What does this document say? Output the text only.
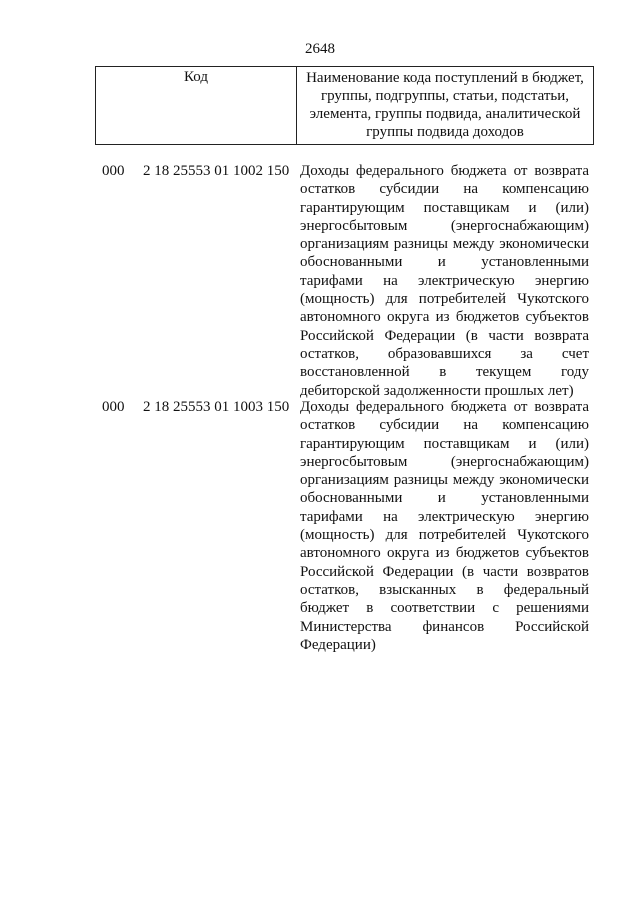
2648
Код	Наименование кода поступлений в бюджет, группы, подгруппы, статьи, подстатьи, элемента, группы подвида, аналитической группы подвида доходов
000 2 18 25553 01 1002 150 Доходы федерального бюджета от возврата остатков субсидии на компенсацию гарантирующим поставщикам и (или) энергосбытовым (энергоснабжающим) организациям разницы между экономически обоснованными и установленными тарифами на электрическую энергию (мощность) для потребителей Чукотского автономного округа из бюджетов субъектов Российской Федерации (в части возврата остатков, образовавшихся за счет восстановленной в текущем году дебиторской задолженности прошлых лет)
000 2 18 25553 01 1003 150 Доходы федерального бюджета от возврата остатков субсидии на компенсацию гарантирующим поставщикам и (или) энергосбытовым (энергоснабжающим) организациям разницы между экономически обоснованными и установленными тарифами на электрическую энергию (мощность) для потребителей Чукотского автономного округа из бюджетов субъектов Российской Федерации (в части возвратов остатков, взысканных в федеральный бюджет в соответствии с решениями Министерства финансов Российской Федерации)
